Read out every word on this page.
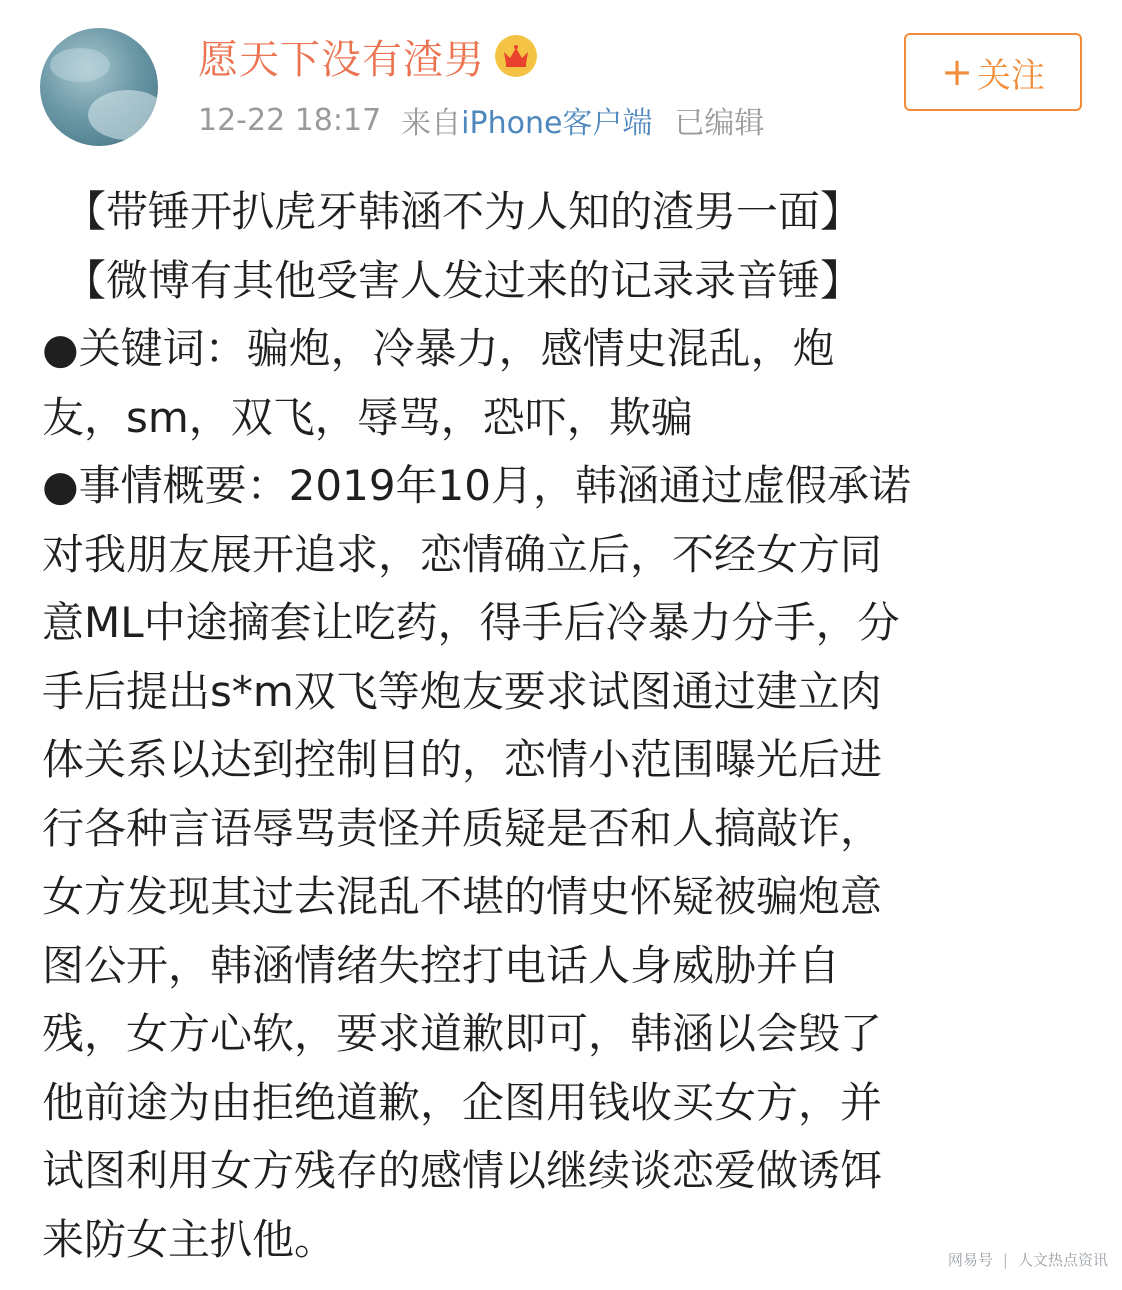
愿天下没有渣男
12-22 18:17 来自 iPhone客户端 已编辑
+ 关注
【带锤开扒虎牙韩涵不为人知的渣男一面】
【微博有其他受害人发过来的记录录音锤】
●关键词：骗炮，冷暴力，感情史混乱，炮
友，sm，双飞，辱骂，恐吓，欺骗
●事情概要：2019年10月，韩涵通过虚假承诺
对我朋友展开追求，恋情确立后，不经女方同
意ML中途摘套让吃药，得手后冷暴力分手，分
手后提出s*m双飞等炮友要求试图通过建立肉
体关系以达到控制目的，恋情小范围曝光后进
行各种言语辱骂责怪并质疑是否和人搞敲诈，
女方发现其过去混乱不堪的情史怀疑被骗炮意
图公开，韩涵情绪失控打电话人身威胁并自
残，女方心软，要求道歉即可，韩涵以会毁了
他前途为由拒绝道歉，企图用钱收买女方，并
试图利用女方残存的感情以继续谈恋爱做诱饵
来防女主扒他。	网易号 | 人文热点资讯
